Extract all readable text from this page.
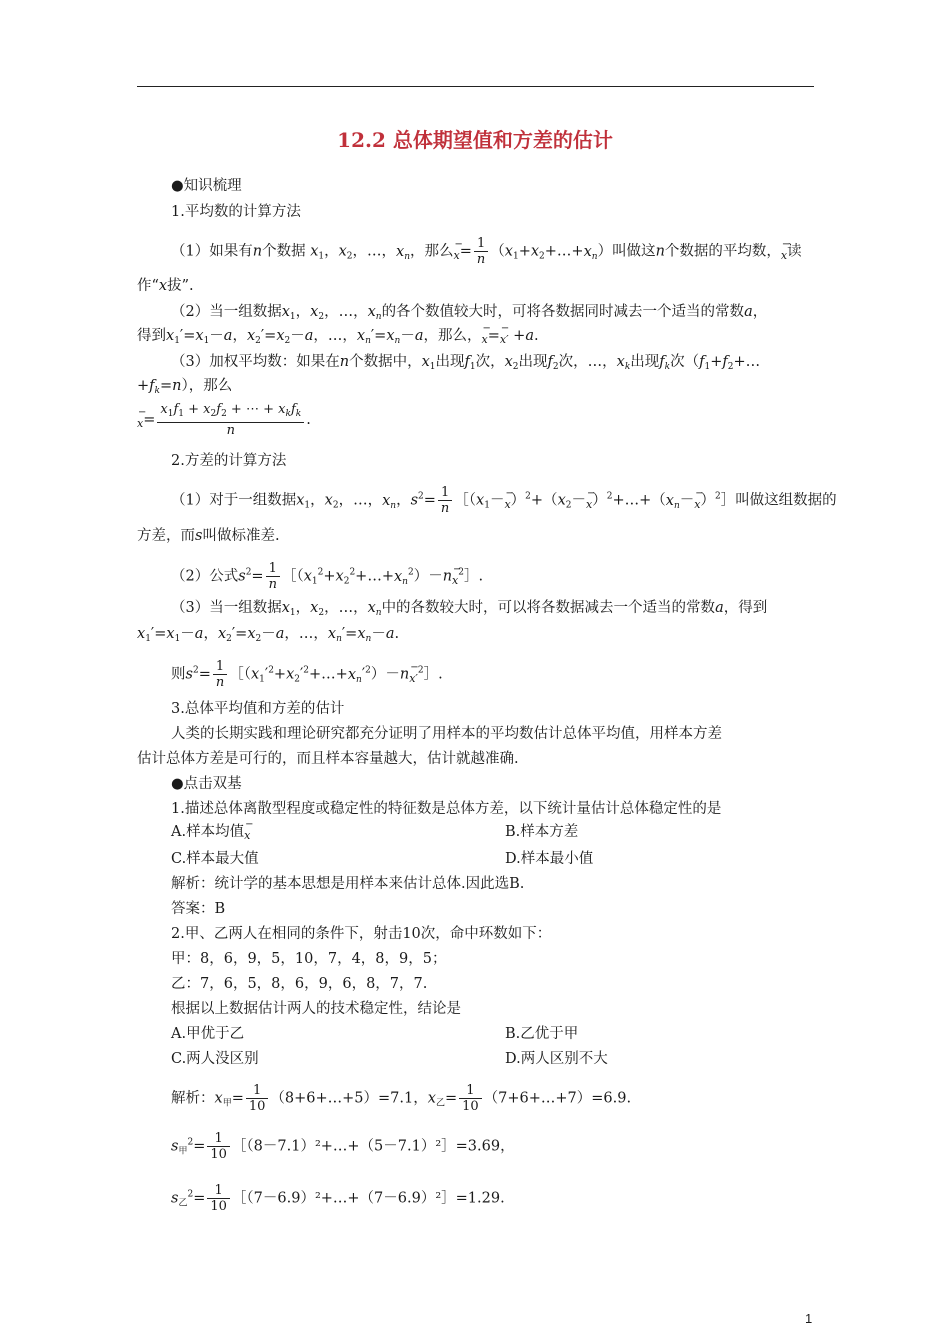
12.2 总体期望值和方差的估计
●知识梳理
1.平均数的计算方法
（1）如果有n个数据 $x_1$，$x_2$，…，$x_n$，那么− $x= \frac{1}{n}$ $(x_1+x_2+\dots+x_n)$叫做这n个数据的平均数，− x读
作“x拔”.
（2）当一组数据$x_1$，$x_2$，…，$x_n$的各个数值较大时，可将各数据同时减去一个适当的常数a，
得到$x_1'=x_1-a$，$x_2'=x_2-a$，…，$x_n'=x_n-a$，那么，− x=− x′ +a.
（3）加权平均数：如果在n个数据中，$x_1$出现$f_1$次，$x_2$出现$f_2$次，…，$x_k$出现$f_k$次（$f_1+f_2+\dots$
$+f_k=n$），那么
− $x= \frac{x_1f_1 + x_2f_2 + \cdots + x_kf_k}{n}$ .
2.方差的计算方法
（1）对于一组数据$x_1$，$x_2$，…，$x_n$，$s^2= \frac{1}{n}$ $[(x_1-- x)^2+(x_2--$ $x)^2+\dots+(x_n--$ x）$^2$］叫做这组数据的
方差，而s叫做标准差.
（2）公式$s^2= \frac{1}{n}$ $[(x_1^2+x_2^2+\dots+x_n^2)-n-$ $x^2]$.
（3）当一组数据$x_1$，$x_2$，…，$x_n$中的各数较大时，可以将各数据减去一个适当的常数a，得到
$x_1'=x_1-a$，$x_2'=x_2-a$，…，$x_n'=x_n-a$.
则$s^2= \frac{1}{n}$ $[(x_1'^2+x_2'^2+\dots+x_n'^2)-n-$ $x'^2]$.
3.总体平均值和方差的估计
人类的长期实践和理论研究都充分证明了用样本的平均数估计总体平均值，用样本方差
估计总体方差是可行的，而且样本容量越大，估计就越准确.
●点击双基
1.描述总体离散型程度或稳定性的特征数是总体方差，以下统计量估计总体稳定性的是
A.样本均值− x	B.样本方差
C.样本最大值	D.样本最小值
解析：统计学的基本思想是用样本来估计总体.因此选B.
答案：B
2.甲、乙两人在相同的条件下，射击10次，命中环数如下：
甲：8，6，9，5，10，7，4，8，9，5；
乙：7，6，5，8，6，9，6，8，7，7.
根据以上数据估计两人的技术稳定性，结论是
A.甲优于乙	B.乙优于甲
C.两人没区别	D.两人区别不大
解析：$x_甲= \frac{1}{10}$ （8+6+…+5）=7.1，$x_乙= \frac{1}{10}$ （7+6+…+7）=6.9.
$s_甲^2= \frac{1}{10}$ ［（8－7.1）²+…+（5－7.1）²］=3.69，
$s_乙^2= \frac{1}{10}$ ［（7－6.9）²+…+（7－6.9）²］=1.29.
1
